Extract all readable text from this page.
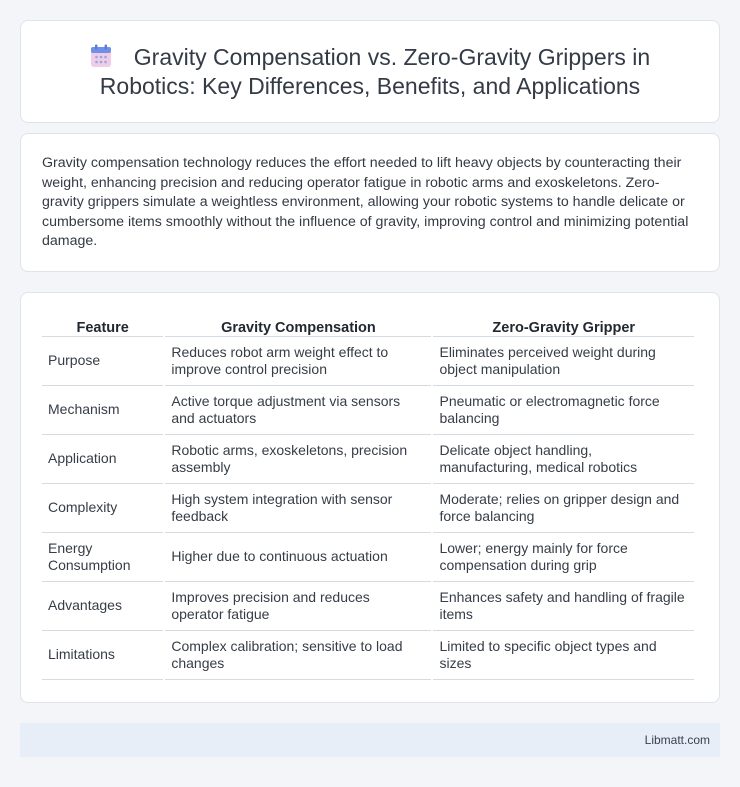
Gravity Compensation vs. Zero-Gravity Grippers in Robotics: Key Differences, Benefits, and Applications

Gravity compensation technology reduces the effort needed to lift heavy objects by counteracting their weight, enhancing precision and reducing operator fatigue in robotic arms and exoskeletons. Zero-gravity grippers simulate a weightless environment, allowing your robotic systems to handle delicate or cumbersome items smoothly without the influence of gravity, improving control and minimizing potential damage.

Feature	Gravity Compensation	Zero-Gravity Gripper
Purpose	Reduces robot arm weight effect to improve control precision	Eliminates perceived weight during object manipulation
Mechanism	Active torque adjustment via sensors and actuators	Pneumatic or electromagnetic force balancing
Application	Robotic arms, exoskeletons, precision assembly	Delicate object handling, manufacturing, medical robotics
Complexity	High system integration with sensor feedback	Moderate; relies on gripper design and force balancing
Energy Consumption	Higher due to continuous actuation	Lower; energy mainly for force compensation during grip
Advantages	Improves precision and reduces operator fatigue	Enhances safety and handling of fragile items
Limitations	Complex calibration; sensitive to load changes	Limited to specific object types and sizes
Libmatt.com
